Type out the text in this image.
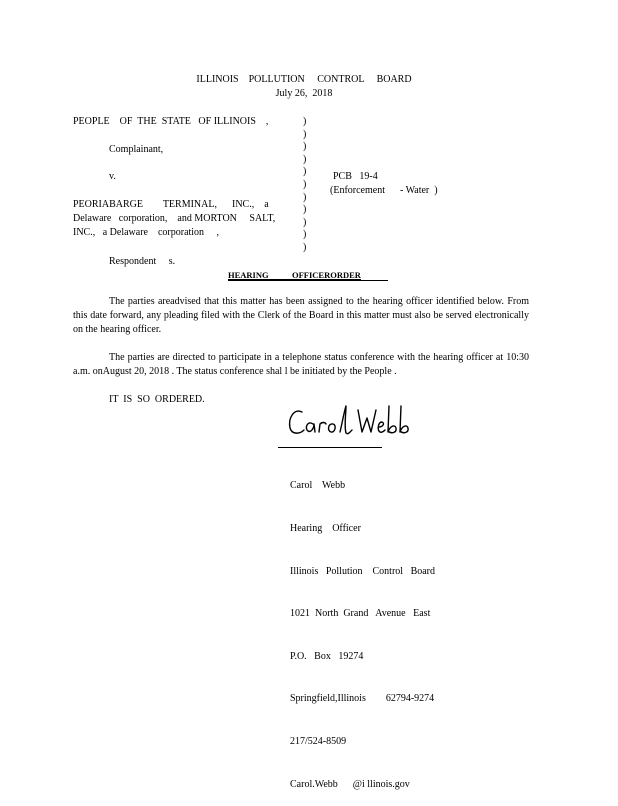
ILLINOIS    POLLUTION     CONTROL     BOARD
July 26,  2018
PEOPLE    OF  THE  STATE   OF ILLINOIS    ,
Complainant,
v.	PCB   19-4
(Enforcement      - Water  )
PEORIABARGE        TERMINAL,      INC.,    a
Delaware   corporation,    and MORTON     SALT,
INC.,   a Delaware    corporation     ,
Respondent     s.
)
)
)
)
)
)
)
)
)
)
)
HEARING           OFFICERORDER
The parties areadvised that this matter has been assigned to the hearing officer identified below. From this date forward, any pleading filed with the Clerk of the Board in this matter must also be served electronically on the hearing officer.
The parties are directed to participate in a telephone status conference with the hearing officer at 10:30 a.m. onAugust 20, 2018 . The status conference shal l be initiated by the People .
IT  IS  SO  ORDERED.

Carol    Webb

Hearing    Officer

Illinois   Pollution    Control   Board

1021  North  Grand   Avenue   East

P.O.   Box   19274

Springfield,Illinois        62794-9274

217/524-8509

Carol.Webb      @i llinois.gov
